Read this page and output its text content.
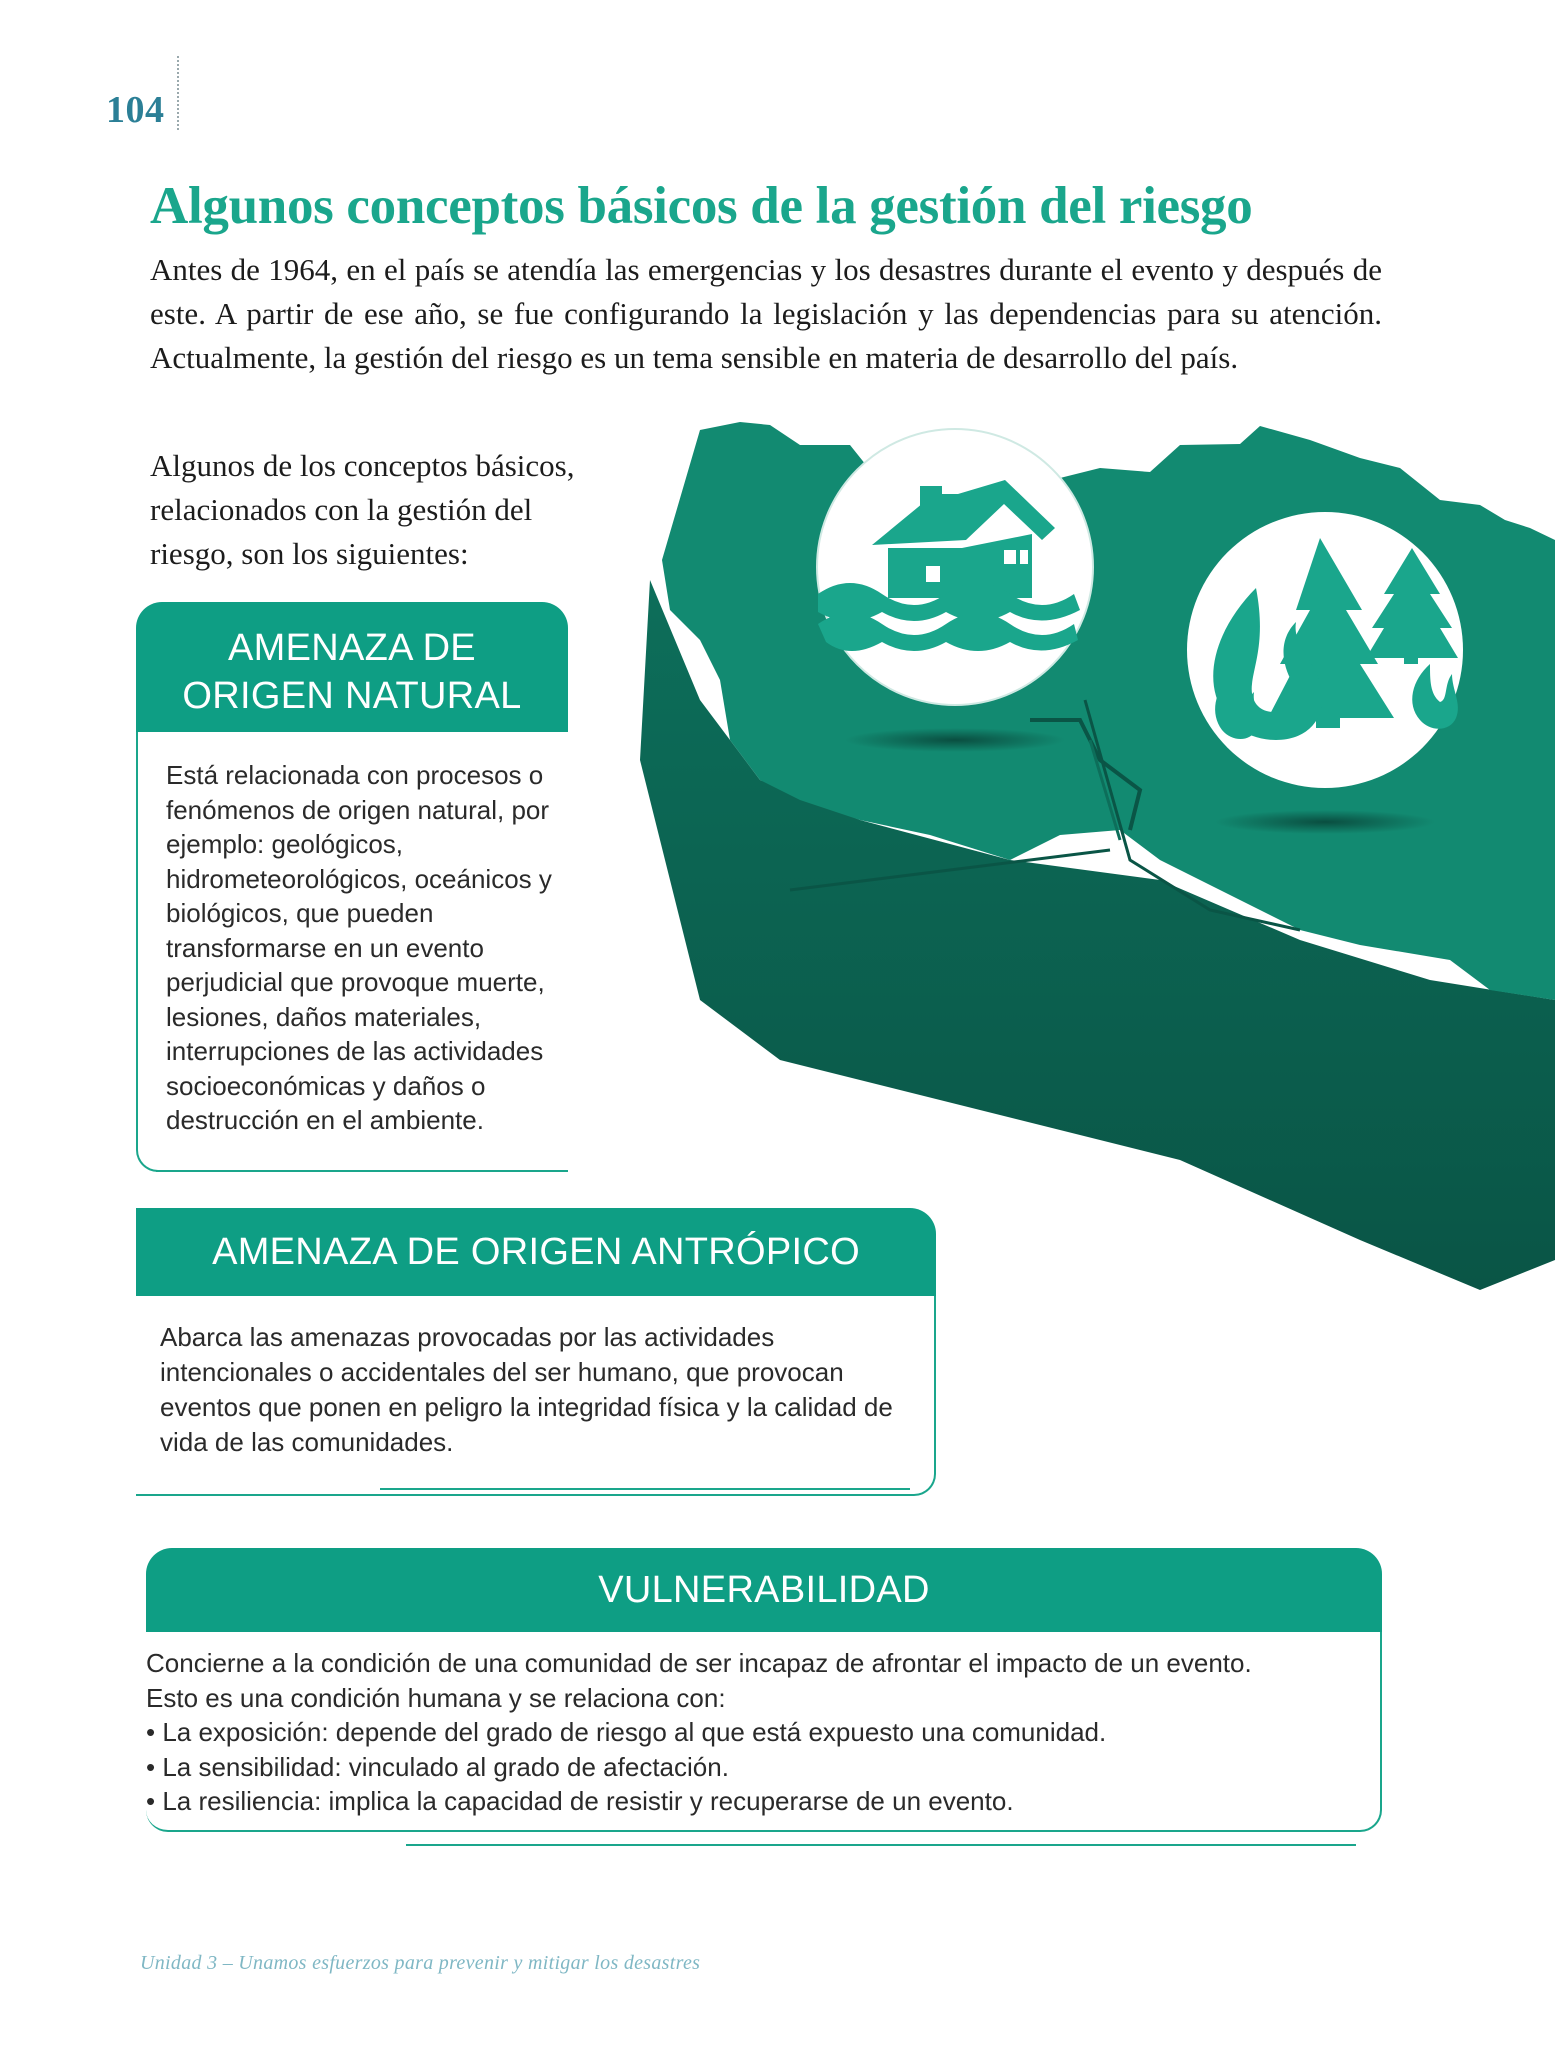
104
Algunos conceptos básicos de la gestión del riesgo

Antes de 1964, en el país se atendía las emergencias y los desastres durante el evento y después de este. A partir de ese año, se fue configurando la legislación y las dependencias para su atención. Actualmente, la gestión del riesgo es un tema sensible en materia de desarrollo del país.

Algunos de los conceptos básicos, relacionados con la gestión del riesgo, son los siguientes:

AMENAZA DE
ORIGEN NATURAL

Está relacionada con procesos o fenómenos de origen natural, por ejemplo: geológicos, hidrometeorológicos, oceánicos y biológicos, que pueden transformarse en un evento perjudicial que provoque muerte, lesiones, daños materiales, interrupciones de las actividades socioeconómicas y daños o destrucción en el ambiente.

AMENAZA DE ORIGEN ANTRÓPICO

Abarca las amenazas provocadas por las actividades intencionales o accidentales del ser humano, que provocan eventos que ponen en peligro la integridad física y la calidad de vida de las comunidades.

VULNERABILIDAD

Concierne a la condición de una comunidad de ser incapaz de afrontar el impacto de un evento.

Esto es una condición humana y se relaciona con:

• La exposición: depende del grado de riesgo al que está expuesto una comunidad.

• La sensibilidad: vinculado al grado de afectación.

• La resiliencia: implica la capacidad de resistir y recuperarse de un evento.

Unidad 3 – Unamos esfuerzos para prevenir y mitigar los desastres
